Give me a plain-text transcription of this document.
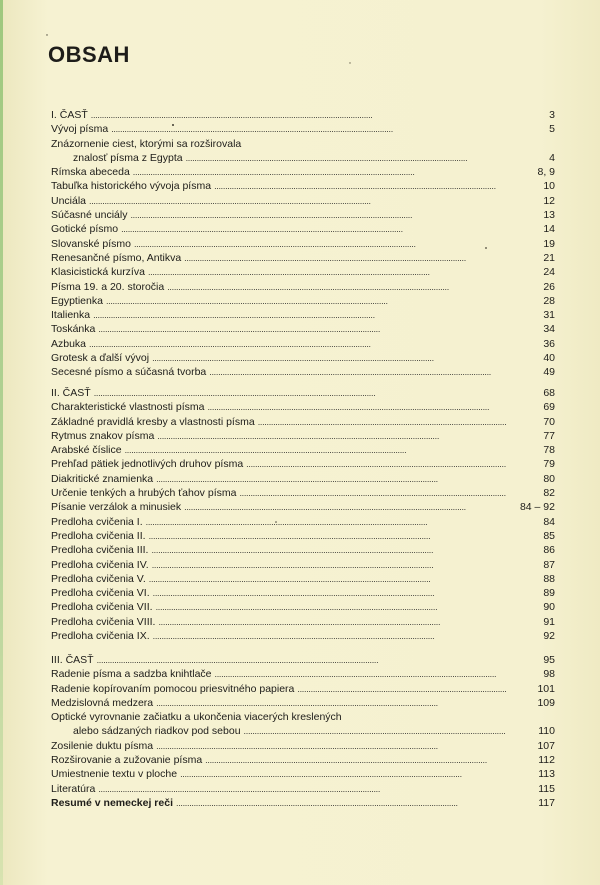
OBSAH
I. ČASŤ . . .	3
Vývoj písma . . .	5
Znázornenie ciest, ktorými sa rozširovala
znalosť písma z Egypta . . .	4
Rímska abeceda . . .	8, 9
Tabuľka historického vývoja písma . . .	10
Unciála . . .	12
Súčasné unciály . . .	13
Gotické písmo . . .	14
Slovanské písmo . . .	19
Renesančné písmo, Antikva . . .	21
Klasicistická kurzíva . . .	24
Písma 19. a 20. storočia . . .	26
Egyptienka . . .	28
Italienka . . .	31
Toskánka . . .	34
Azbuka . . .	36
Grotesk a ďalší vývoj . . .	40
Secesné písmo a súčasná tvorba . . .	49
II. ČASŤ . . .	68
Charakteristické vlastnosti písma . . .	69
Základné pravidlá kresby a vlastnosti písma . . .	70
Rytmus znakov písma . . .	77
Arabské číslice . . .	78
Prehľad pätiek jednotlivých druhov písma . . .	79
Diakritické znamienka . . .	80
Určenie tenkých a hrubých ťahov písma . . .	82
Písanie verzálok a minusiek . . .	84 – 92
Predloha cvičenia I. . . .	84
Predloha cvičenia II. . . .	85
Predloha cvičenia III. . . .	86
Predloha cvičenia IV. . . .	87
Predloha cvičenia V. . . .	88
Predloha cvičenia VI. . . .	89
Predloha cvičenia VII. . . .	90
Predloha cvičenia VIII. . . .	91
Predloha cvičenia IX. . . .	92
III. ČASŤ . . .	95
Radenie písma a sadzba knihtlače . . .	98
Radenie kopírovaním pomocou priesvitného papiera . . .	101
Medzislovná medzera . . .	109
Optické vyrovnanie začiatku a ukončenia viacerých kreslených
alebo sádzaných riadkov pod sebou . . .	110
Zosilenie duktu písma . . .	107
Rozširovanie a zužovanie písma . . .	112
Umiestnenie textu v ploche . . .	113
Literatúra . . .	115
Resumé v nemeckej reči . . .	117
